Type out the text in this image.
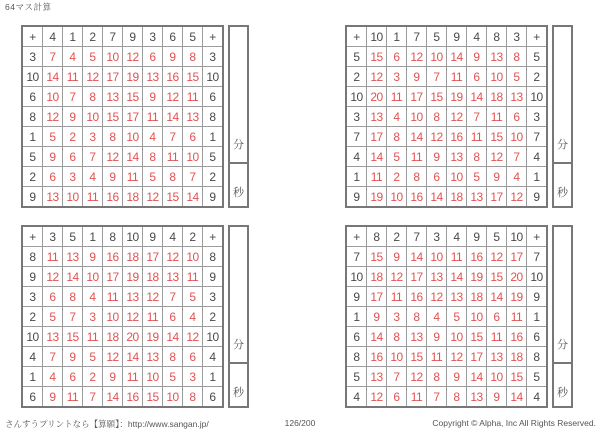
64マス計算
+	4	1	2	7	9	3	6	5	+
3	7	4	5 10 12 6	9	8	3
10 14 11 12 17 19 13 16 15 10
6 10 7	8 13 15 9 12 11 6
8 12 9 10 15 17 11 14 13 8
1	5	2	3	8 10 4	7	6	1
5	9	6	7 12 14 8 11 10 5
2	6	3	4	9 11 5	8	7	2
9 13 10 11 16 18 12 15 14 9
分
秒
+ 10 1	7	5	9	4	8	3	+
5 15 6 12 10 14 9 13 8	5
2 12 3	9	7 11 6 10 5	2
10 20 11 17 15 19 14 18 13 10
3 13 4 10 8 12 7 11 6	3
7 17 8 14 12 16 11 15 10 7
4 14 5 11 9 13 8 12 7	4
1 11 2	8	6 10 5	9	4	1
9 19 10 16 14 18 13 17 12 9
分
秒
+	3	5	1	8 10 9	4	2	+
8 11 13 9 16 18 17 12 10 8
9 12 14 10 17 19 18 13 11 9
3	6	8	4 11 13 12 7	5	3
2	5	7	3 10 12 11 6	4	2
10 13 15 11 18 20 19 14 12 10
4	7	9	5 12 14 13 8	6	4
1	4	6	2	9 11 10 5	3	1
6	9 11 7 14 16 15 10 8	6
分
秒
+	8	2	7	3	4	9	5 10 +
7 15 9 14 10 11 16 12 17 7
10 18 12 17 13 14 19 15 20 10
9 17 11 16 12 13 18 14 19 9
1	9	3	8	4	5 10 6 11 1
6 14 8 13 9 10 15 11 16 6
8 16 10 15 11 12 17 13 18 8
5 13 7 12 8	9 14 10 15 5
4 12 6 11 7	8 13 9 14 4
分
秒
126/200
さんすうプリントなら【算願】：http://www.sangan.jp/	Copyright © Alpha, Inc All Rights Reserved.
